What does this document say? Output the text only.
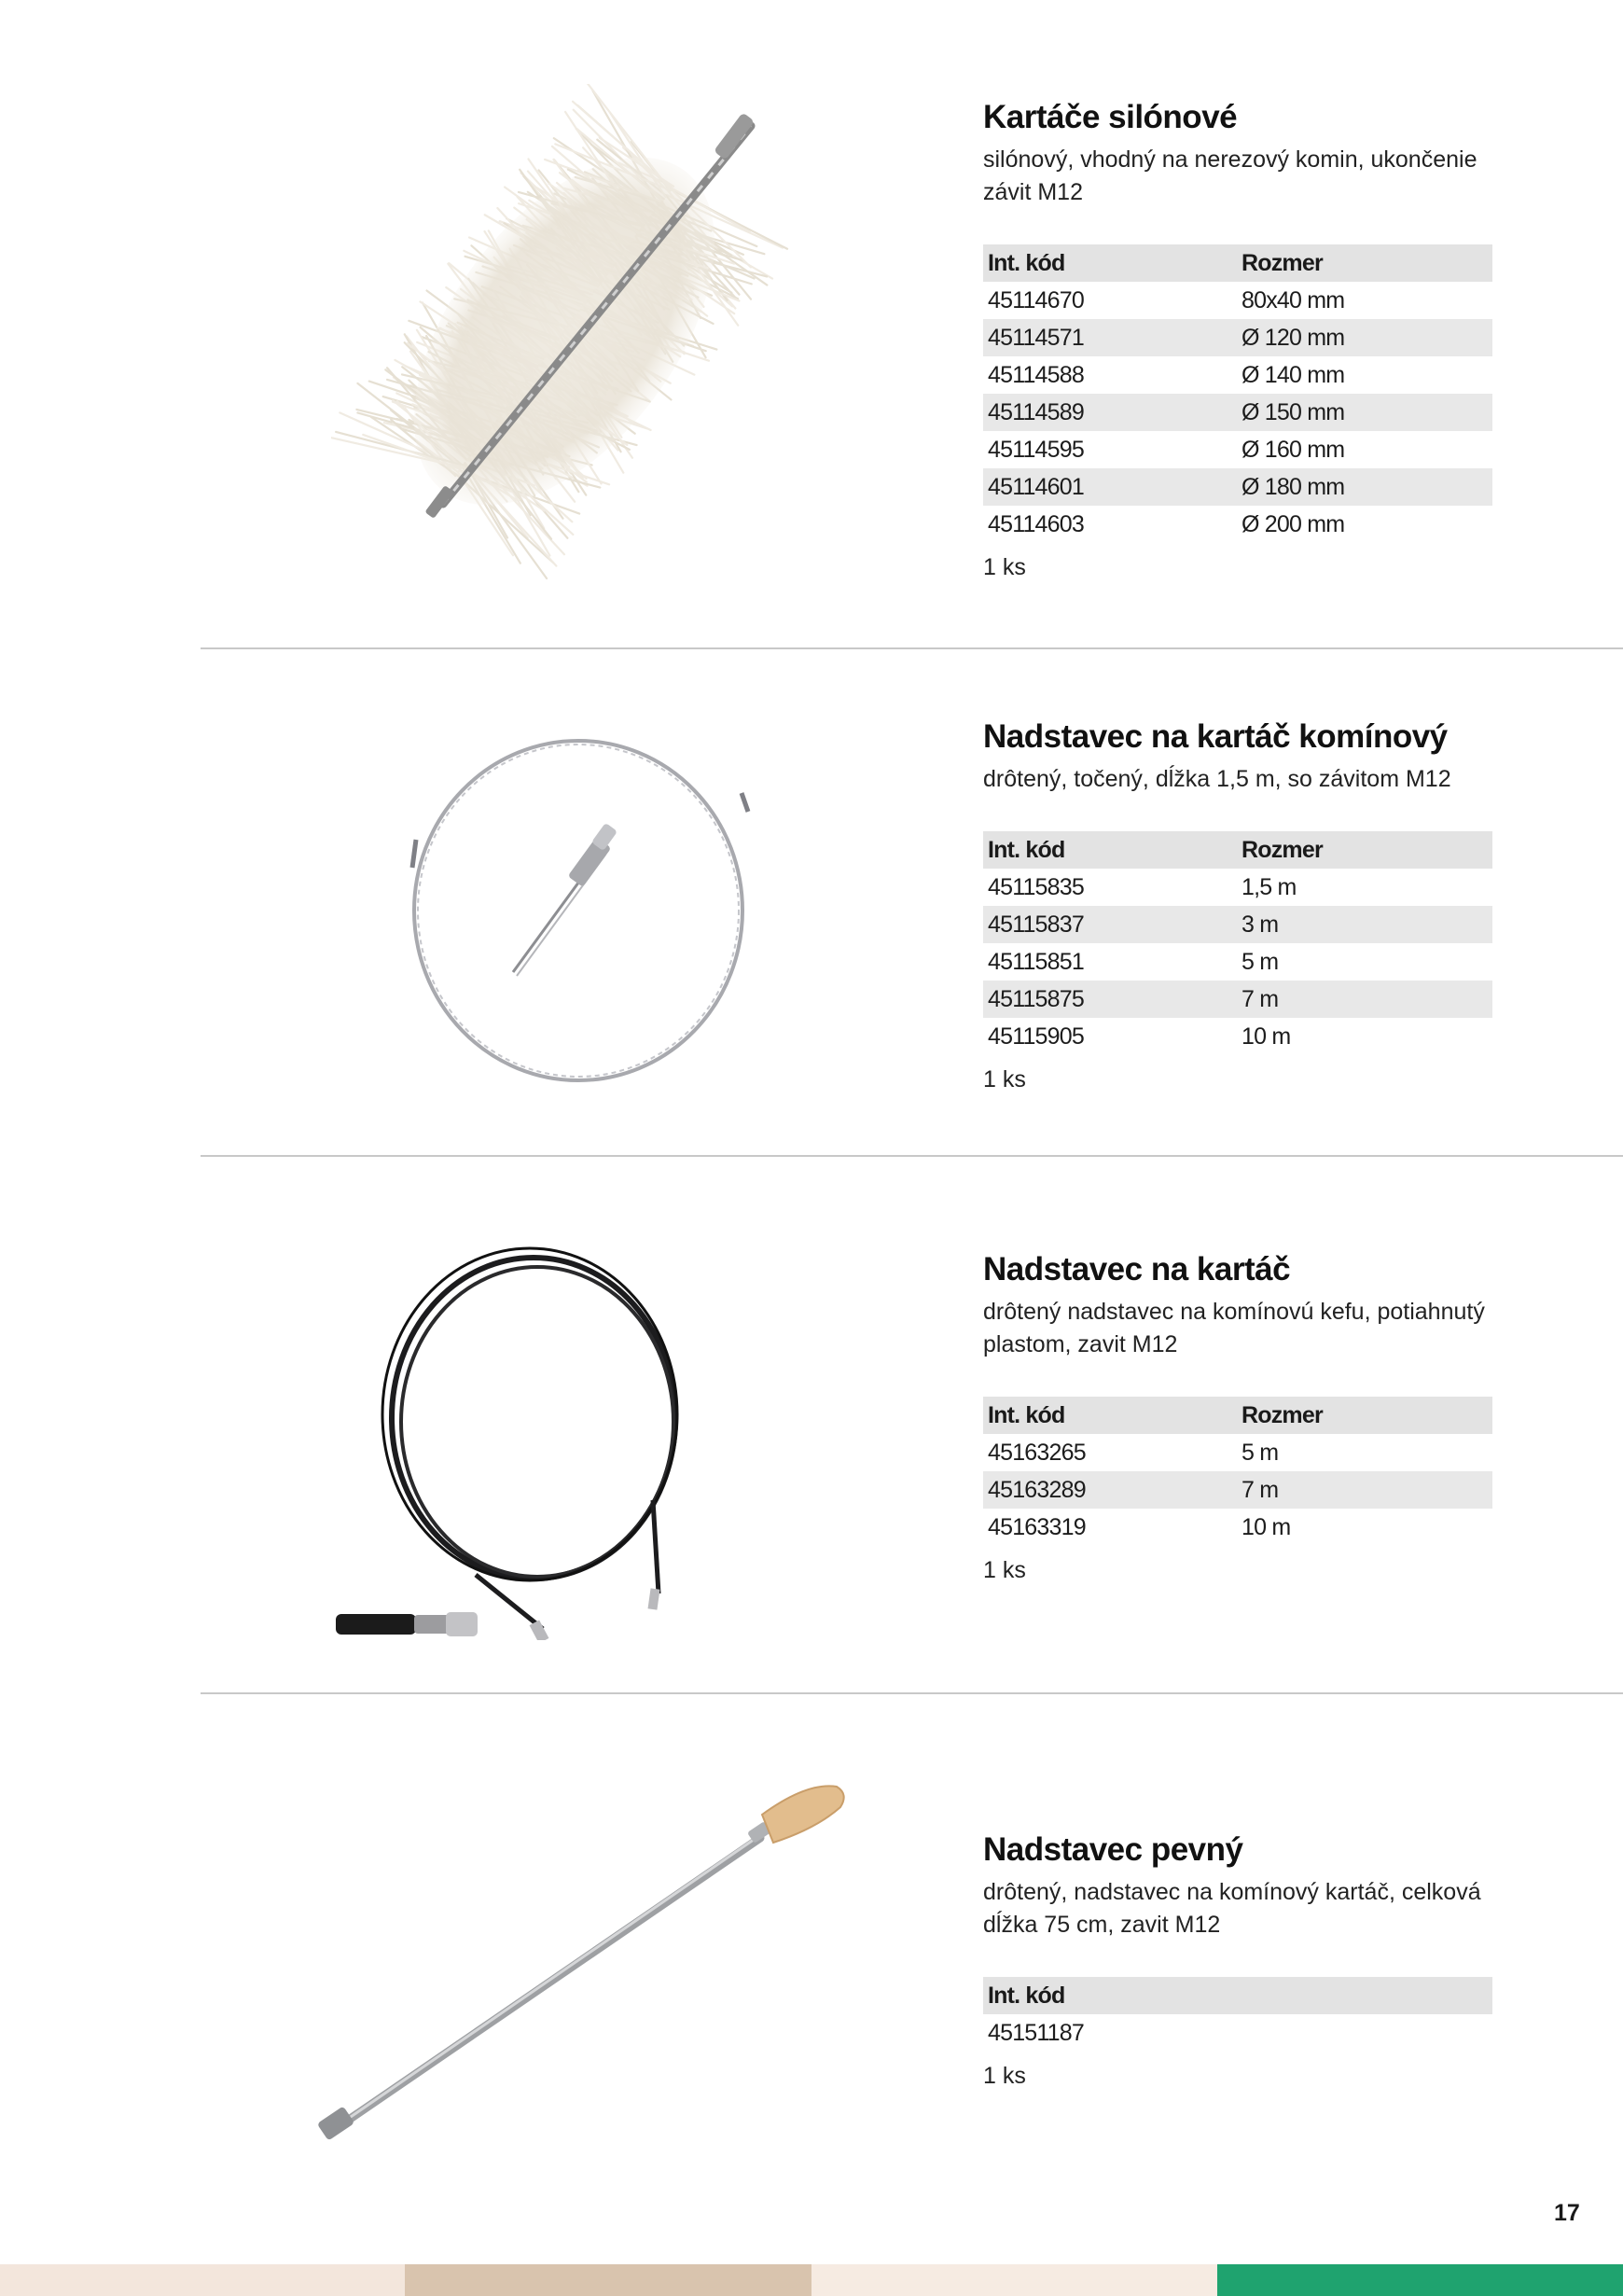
Kartáče silónové
silónový, vhodný na nerezový komin, ukončenie závit M12
Int. kód	Rozmer
45114670	80x40 mm
45114571	Ø 120 mm
45114588	Ø 140 mm
45114589	Ø 150 mm
45114595	Ø 160 mm
45114601	Ø 180 mm
45114603	Ø 200 mm
1 ks
Nadstavec na kartáč komínový
drôtený, točený, dĺžka 1,5 m, so závitom M12
Int. kód	Rozmer
45115835	1,5 m
45115837	3 m
45115851	5 m
45115875	7 m
45115905	10 m
1 ks
Nadstavec na kartáč
drôtený nadstavec na komínovú kefu, potiahnutý plastom, zavit M12
Int. kód	Rozmer
45163265	5 m
45163289	7 m
45163319	10 m
1 ks
Nadstavec pevný
drôtený, nadstavec na komínový kartáč, celková dĺžka 75 cm, zavit M12
Int. kód
45151187
1 ks
17
